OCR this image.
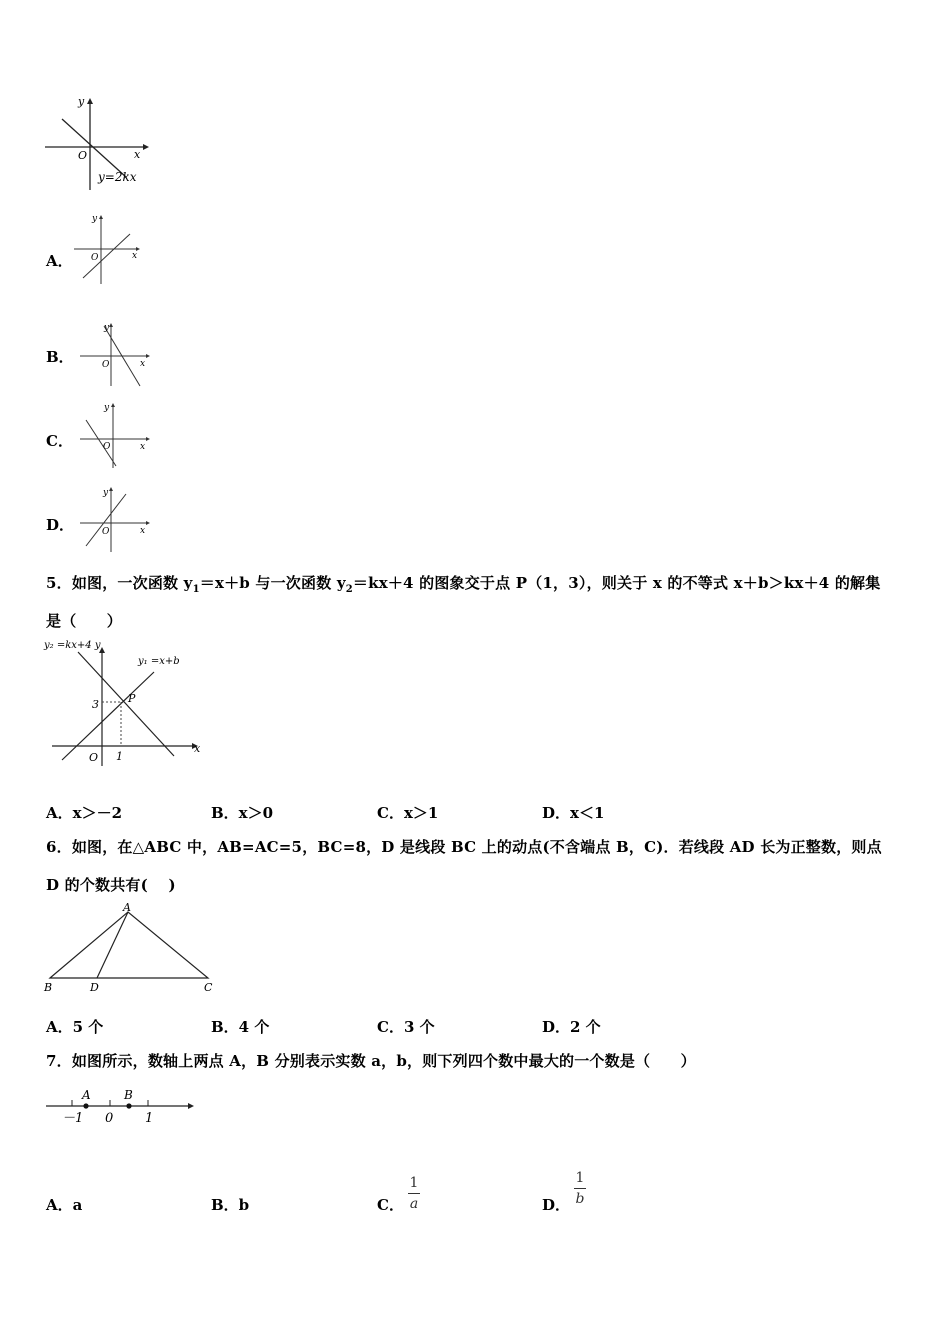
y
x
O
y=2kx
A．
y
x
O
B．
y
x
O
C．
y
x
O
D．
y
x
O
5．如图，一次函数 $y_1=x+b$ 与一次函数 $y_2=kx+4$ 的图象交于点 P（1，3），则关于 x 的不等式 x＋b＞kx＋4 的解集
是（　　）
y₂ =kx+4 y
y₁ =x+b
P
3
1
O
x
A．x＞－2	B．x＞0	C．x＞1	D．x＜1
6．如图，在△ABC 中，AB=AC=5，BC=8，D 是线段 BC 上的动点(不含端点 B，C)．若线段 AD 长为正整数，则点
D 的个数共有(　 )
A
B	D	C
A．5 个	B．4 个	C．3 个	D．2 个
7．如图所示，数轴上两点 A，B 分别表示实数 a，b，则下列四个数中最大的一个数是（　　）
A	B
－1 0 1
A．a	B．b	C．
1
a	D．
1
b
